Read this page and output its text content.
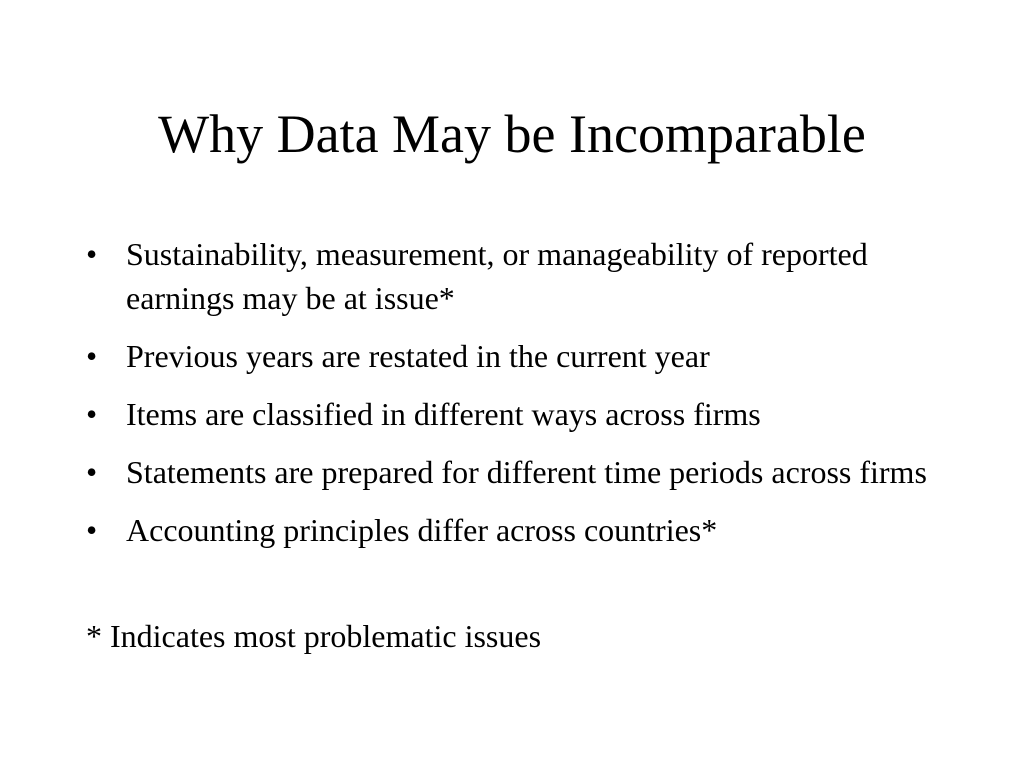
Why Data May be Incomparable
• Sustainability, measurement, or manageability of reported earnings may be at issue*
• Previous years are restated in the current year
• Items are classified in different ways across firms
• Statements are prepared for different time periods across firms
• Accounting principles differ across countries*

* Indicates most problematic issues
